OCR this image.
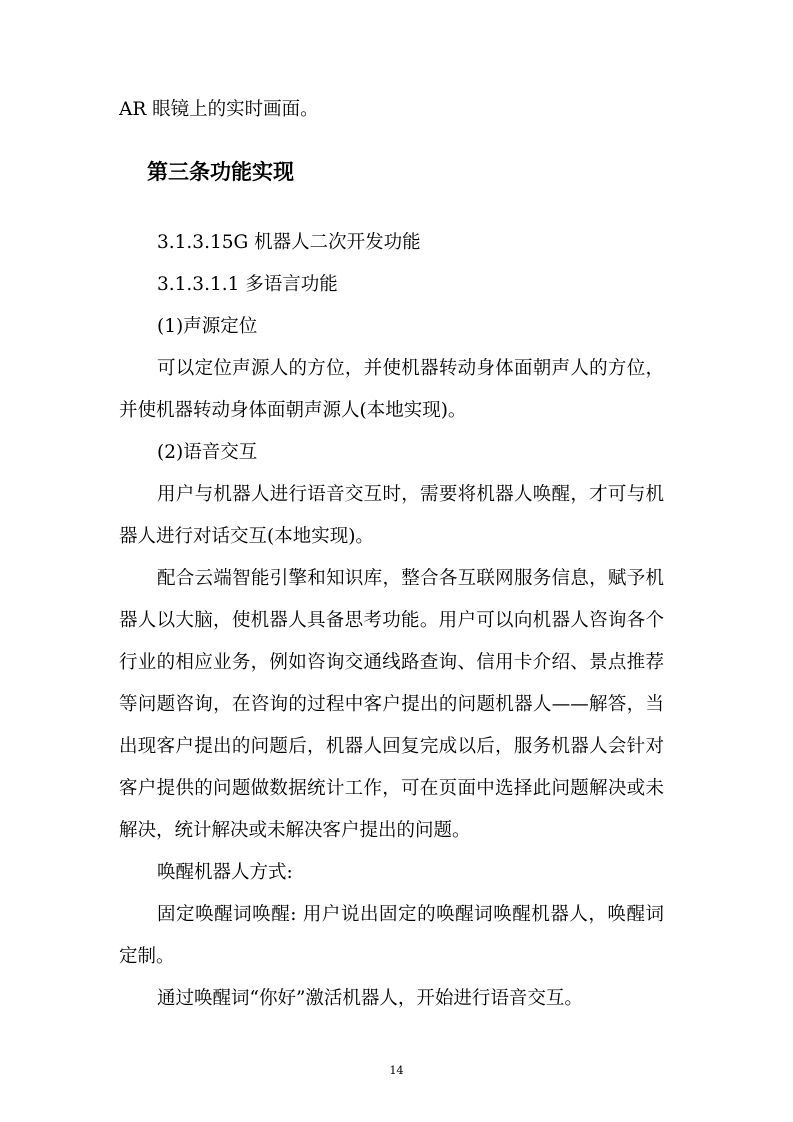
AR 眼镜上的实时画面。

第三条功能实现

3.1.3.15G 机器人二次开发功能

3.1.3.1.1 多语言功能

(1)声源定位

可以定位声源人的方位，并使机器转动身体面朝声人的方位，

并使机器转动身体面朝声源人(本地实现)。

(2)语音交互

用户与机器人进行语音交互时，需要将机器人唤醒，才可与机

器人进行对话交互(本地实现)。

配合云端智能引擎和知识库，整合各互联网服务信息，赋予机

器人以大脑，使机器人具备思考功能。用户可以向机器人咨询各个

行业的相应业务，例如咨询交通线路查询、信用卡介绍、景点推荐

等问题咨询，在咨询的过程中客户提出的问题机器人——解答，当

出现客户提出的问题后，机器人回复完成以后，服务机器人会针对

客户提供的问题做数据统计工作，可在页面中选择此问题解决或未

解决，统计解决或未解决客户提出的问题。

唤醒机器人方式:

固定唤醒词唤醒: 用户说出固定的唤醒词唤醒机器人，唤醒词

定制。

通过唤醒词“你好”激活机器人，开始进行语音交互。

14
